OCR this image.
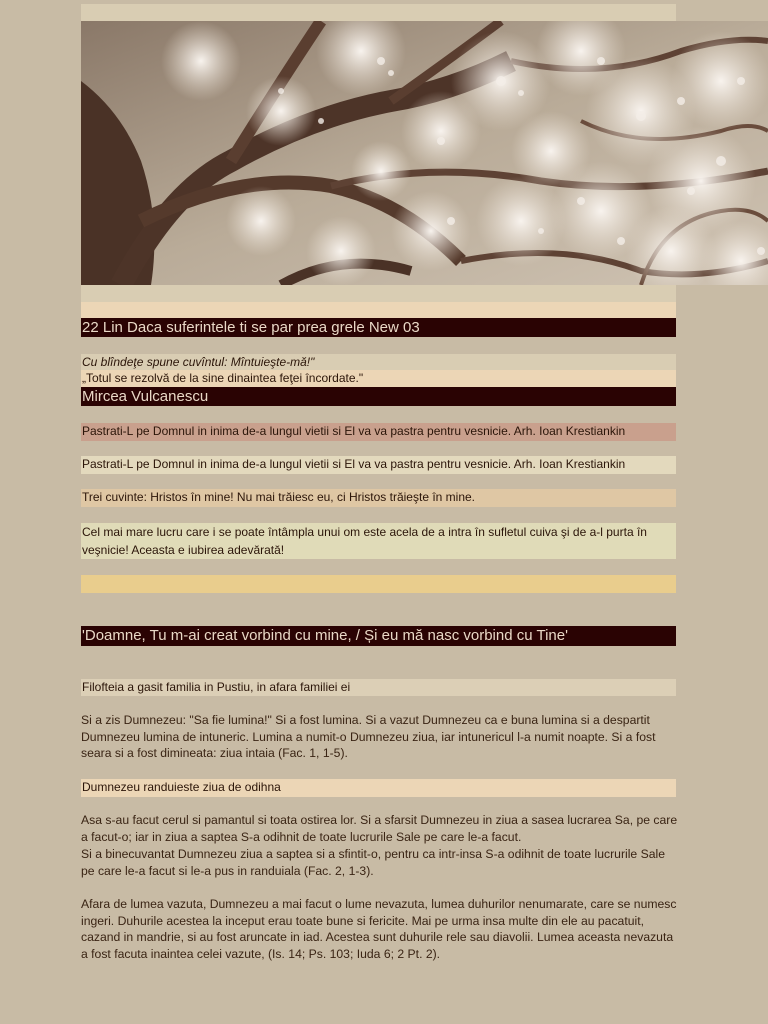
22 Lin Daca suferintele ti se par prea grele New 03
Cu blîndeţe spune cuvîntul: Mîntuieşte-mă!"
„Totul se rezolvă de la sine dinaintea feţei încordate."
Mircea Vulcanescu
Pastrati-L pe Domnul in inima de-a lungul vietii si El va va pastra pentru vesnicie. Arh. Ioan Krestiankin
Pastrati-L pe Domnul in inima de-a lungul vietii si El va va pastra pentru vesnicie. Arh. Ioan Krestiankin
Trei cuvinte: Hristos în mine! Nu mai trăiesc eu, ci Hristos trăieşte în mine.
Cel mai mare lucru care i se poate întâmpla unui om este acela de a intra în sufletul cuiva şi de a-l purta în veşnicie! Aceasta e iubirea adevărată!
'Doamne, Tu m-ai creat vorbind cu mine, / Și eu mă nasc vorbind cu Tine'
Filofteia a gasit familia in Pustiu, in afara familiei ei
Si a zis Dumnezeu: "Sa fie lumina!" Si a fost lumina. Si a vazut Dumnezeu ca e buna lumina si a despartit Dumnezeu lumina de intuneric. Lumina a numit-o Dumnezeu ziua, iar intunericul l-a numit noapte. Si a fost seara si a fost dimineata: ziua intaia (Fac. 1, 1-5).
Dumnezeu randuieste ziua de odihna
Asa s-au facut cerul si pamantul si toata ostirea lor. Si a sfarsit Dumnezeu in ziua a sasea lucrarea Sa, pe care a facut-o; iar in ziua a saptea S-a odihnit de toate lucrurile Sale pe care le-a facut.
Si a binecuvantat Dumnezeu ziua a saptea si a sfintit-o, pentru ca intr-insa S-a odihnit de toate lucrurile Sale pe care le-a facut si le-a pus in randuiala (Fac. 2, 1-3).
Afara de lumea vazuta, Dumnezeu a mai facut o lume nevazuta, lumea duhurilor nenumarate, care se numesc ingeri. Duhurile acestea la inceput erau toate bune si fericite. Mai pe urma insa multe din ele au pacatuit, cazand in mandrie, si au fost aruncate in iad. Acestea sunt duhurile rele sau diavolii. Lumea aceasta nevazuta a fost facuta inaintea celei vazute, (Is. 14; Ps. 103; Iuda 6; 2 Pt. 2).
